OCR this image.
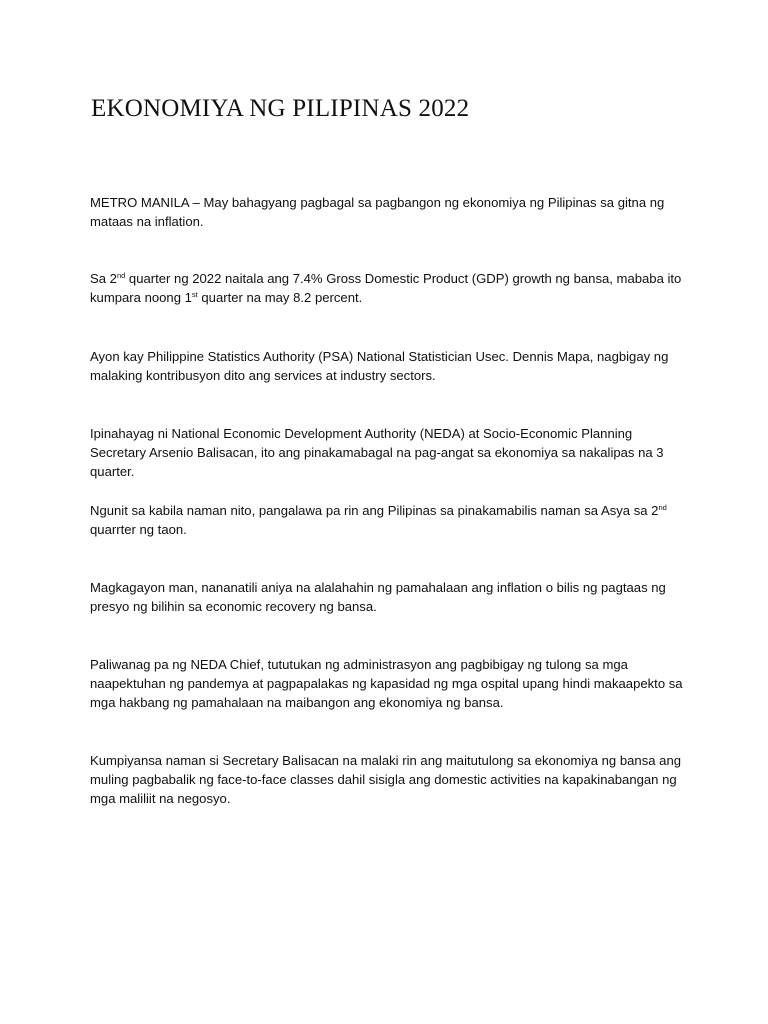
EKONOMIYA NG PILIPINAS 2022

METRO MANILA – May bahagyang pagbagal sa pagbangon ng ekonomiya ng Pilipinas sa gitna ng mataas na inflation.

Sa 2nd quarter ng 2022 naitala ang 7.4% Gross Domestic Product (GDP) growth ng bansa, mababa ito kumpara noong 1st quarter na may 8.2 percent.

Ayon kay Philippine Statistics Authority (PSA) National Statistician Usec. Dennis Mapa, nagbigay ng malaking kontribusyon dito ang services at industry sectors.

Ipinahayag ni National Economic Development Authority (NEDA) at Socio-Economic Planning Secretary Arsenio Balisacan, ito ang pinakamabagal na pag-angat sa ekonomiya sa nakalipas na 3 quarter.

Ngunit sa kabila naman nito, pangalawa pa rin ang Pilipinas sa pinakamabilis naman sa Asya sa 2nd quarrter ng taon.

Magkagayon man, nananatili aniya na alalahahin ng pamahalaan ang inflation o bilis ng pagtaas ng presyo ng bilihin sa economic recovery ng bansa.

Paliwanag pa ng NEDA Chief, tututukan ng administrasyon ang pagbibigay ng tulong sa mga naapektuhan ng pandemya at pagpapalakas ng kapasidad ng mga ospital upang hindi makaapekto sa mga hakbang ng pamahalaan na maibangon ang ekonomiya ng bansa.

Kumpiyansa naman si Secretary Balisacan na malaki rin ang maitutulong sa ekonomiya ng bansa ang muling pagbabalik ng face-to-face classes dahil sisigla ang domestic activities na kapakinabangan ng mga maliliit na negosyo.
